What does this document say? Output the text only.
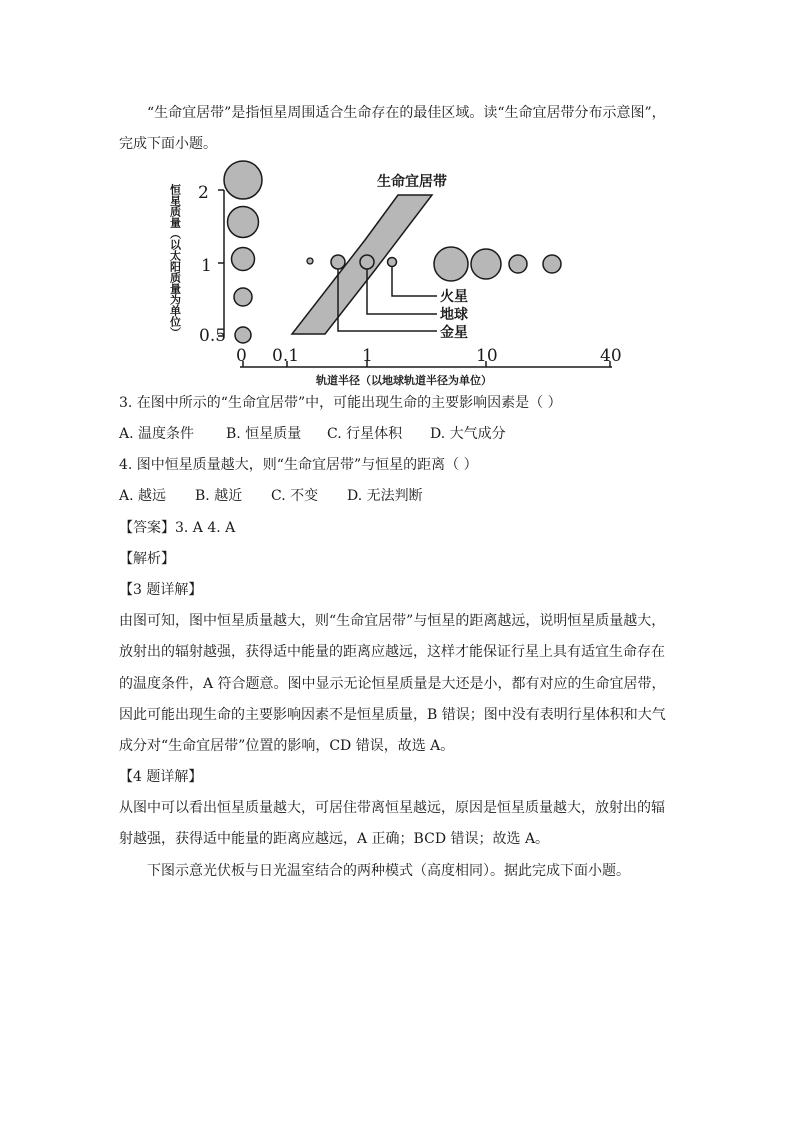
“生命宜居带”是指恒星周围适合生命存在的最佳区域。读“生命宜居带分布示意图”，
完成下面小题。
生命宜居带
2
1
0.5
恒星质量（以太阳质量为单位）	火星
地球
金星
0 0.1	1	10	40
轨道半径（以地球轨道半径为单位）
3. 在图中所示的“生命宜居带”中，可能出现生命的主要影响因素是（ ）
A. 温度条件 B. 恒星质量 C. 行星体积 D. 大气成分
4. 图中恒星质量越大，则“生命宜居带”与恒星的距离（ ）
A. 越远 B. 越近 C. 不变 D. 无法判断
【答案】3. A 4. A
【解析】
【3 题详解】
由图可知，图中恒星质量越大，则“生命宜居带”与恒星的距离越远，说明恒星质量越大，
放射出的辐射越强，获得适中能量的距离应越远，这样才能保证行星上具有适宜生命存在
的温度条件，A 符合题意。图中显示无论恒星质量是大还是小，都有对应的生命宜居带，
因此可能出现生命的主要影响因素不是恒星质量，B 错误；图中没有表明行星体积和大气
成分对“生命宜居带”位置的影响，CD 错误，故选 A。
【4 题详解】
从图中可以看出恒星质量越大，可居住带离恒星越远，原因是恒星质量越大，放射出的辐
射越强，获得适中能量的距离应越远，A 正确；BCD 错误；故选 A。
下图示意光伏板与日光温室结合的两种模式（高度相同）。据此完成下面小题。
